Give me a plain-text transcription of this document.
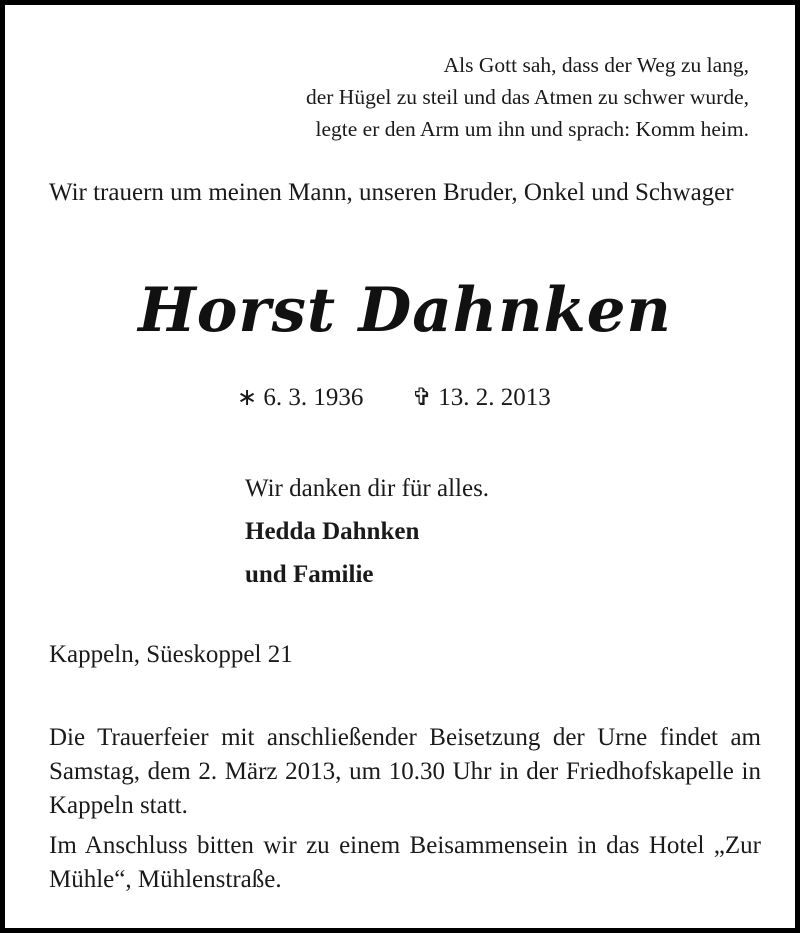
Als Gott sah, dass der Weg zu lang,
der Hügel zu steil und das Atmen zu schwer wurde,
legte er den Arm um ihn und sprach: Komm heim.
Wir trauern um meinen Mann, unseren Bruder, Onkel und Schwager
Horst Dahnken
∗ 6. 3. 1936 ✞ 13. 2. 2013
Wir danken dir für alles.
Hedda Dahnken
und Familie
Kappeln, Süeskoppel 21

Die Trauerfeier mit anschließender Beisetzung der Urne findet am Samstag, dem 2. März 2013, um 10.30 Uhr in der Friedhofskapelle in Kappeln statt.

Im Anschluss bitten wir zu einem Beisammensein in das Hotel „Zur Mühle“, Mühlenstraße.
